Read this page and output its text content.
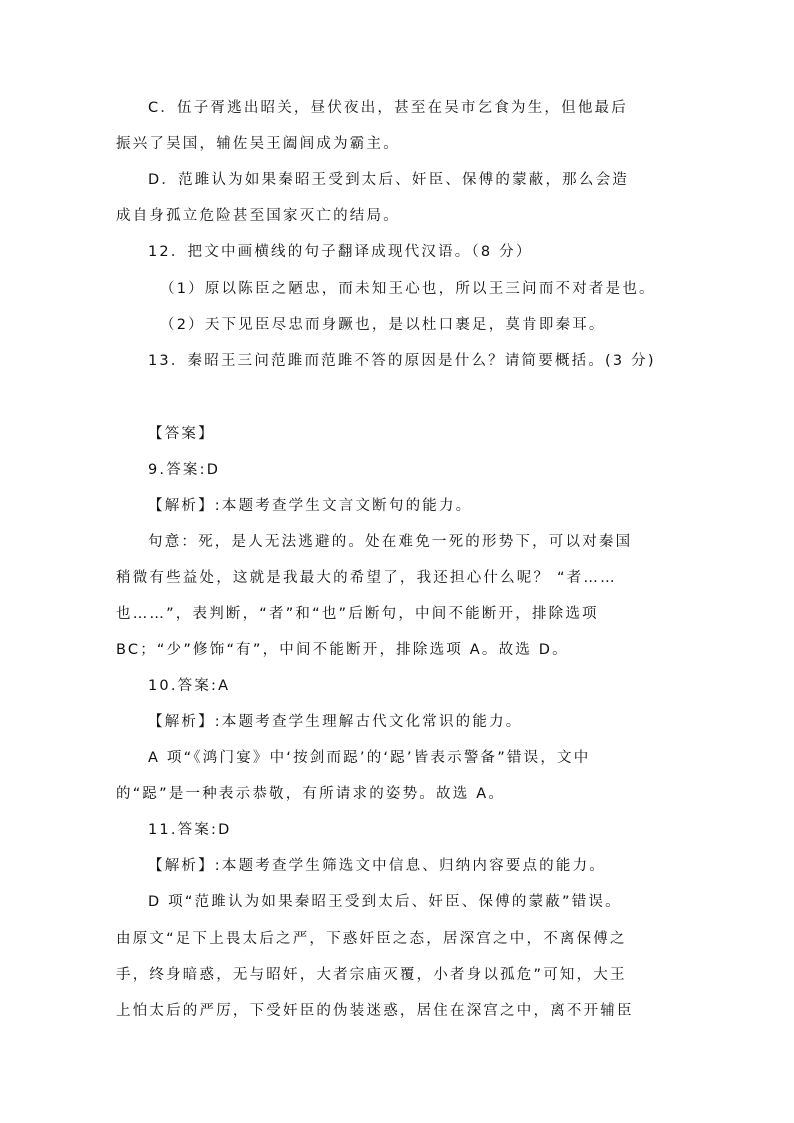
C．伍子胥逃出昭关，昼伏夜出，甚至在吴市乞食为生，但他最后
振兴了吴国，辅佐吴王阖闾成为霸主。
D．范雎认为如果秦昭王受到太后、奸臣、保傅的蒙蔽，那么会造
成自身孤立危险甚至国家灭亡的结局。
12．把文中画横线的句子翻译成现代汉语。（8 分）
（1）原以陈臣之陋忠，而未知王心也，所以王三问而不对者是也。
（2）天下见臣尽忠而身蹶也，是以杜口裹足，莫肯即秦耳。
13．秦昭王三问范雎而范雎不答的原因是什么？请简要概括。(3 分)
【答案】
9.答案:D
【解析】:本题考查学生文言文断句的能力。
句意：死，是人无法逃避的。处在难免一死的形势下，可以对秦国
稍微有些益处，这就是我最大的希望了，我还担心什么呢？ “者……
也……”，表判断，“者”和“也”后断句，中间不能断开，排除选项
BC；“少”修饰“有”，中间不能断开，排除选项 A。故选 D。
10.答案:A
【解析】:本题考查学生理解古代文化常识的能力。
A 项“《鸿门宴》中‘按剑而跽’的‘跽’皆表示警备”错误，文中
的“跽”是一种表示恭敬，有所请求的姿势。故选 A。
11.答案:D
【解析】:本题考查学生筛选文中信息、归纳内容要点的能力。
D 项“范雎认为如果秦昭王受到太后、奸臣、保傅的蒙蔽”错误。
由原文“足下上畏太后之严，下惑奸臣之态，居深宫之中，不离保傅之
手，终身暗惑，无与昭奸，大者宗庙灭覆，小者身以孤危”可知，大王
上怕太后的严厉，下受奸臣的伪装迷惑，居住在深宫之中，离不开辅臣
